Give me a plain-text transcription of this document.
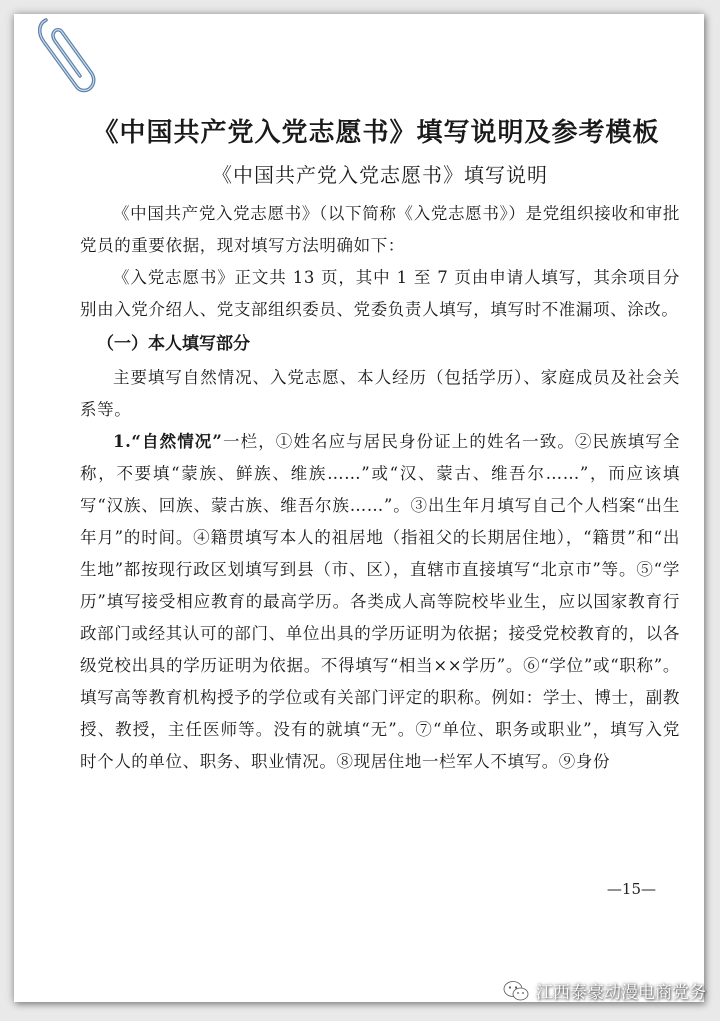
《中国共产党入党志愿书》填写说明及参考模板
《中国共产党入党志愿书》填写说明

《中国共产党入党志愿书》（以下简称《入党志愿书》）是党组织接收和审批党员的重要依据，现对填写方法明确如下：

《入党志愿书》正文共 13 页，其中 1 至 7 页由申请人填写，其余项目分别由入党介绍人、党支部组织委员、党委负责人填写，填写时不准漏项、涂改。

（一）本人填写部分

主要填写自然情况、入党志愿、本人经历（包括学历）、家庭成员及社会关系等。

1.“自然情况”一栏，①姓名应与居民身份证上的姓名一致。②民族填写全称，不要填“蒙族、鲜族、维族……”或“汉、蒙古、维吾尔……”，而应该填写“汉族、回族、蒙古族、维吾尔族……”。③出生年月填写自己个人档案“出生年月”的时间。④籍贯填写本人的祖居地（指祖父的长期居住地），“籍贯”和“出生地”都按现行政区划填写到县（市、区），直辖市直接填写“北京市”等。⑤“学历”填写接受相应教育的最高学历。各类成人高等院校毕业生，应以国家教育行政部门或经其认可的部门、单位出具的学历证明为依据；接受党校教育的，以各级党校出具的学历证明为依据。不得填写“相当××学历”。⑥“学位”或“职称”。填写高等教育机构授予的学位或有关部门评定的职称。例如：学士、博士，副教授、教授，主任医师等。没有的就填“无”。⑦“单位、职务或职业”，填写入党时个人的单位、职务、职业情况。⑧现居住地一栏军人不填写。⑨身份

—15—
江西泰豪动漫电商党务
